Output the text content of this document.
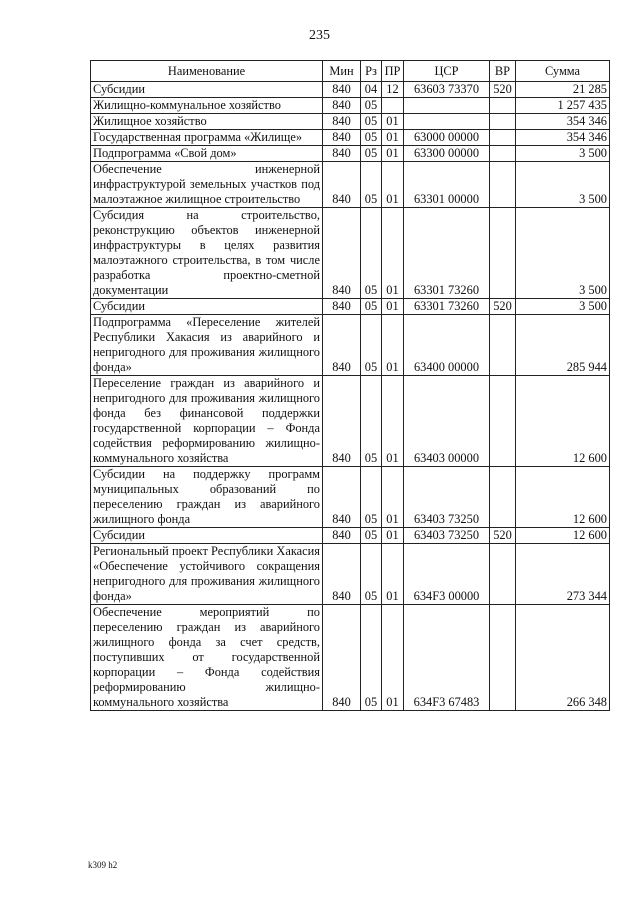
235
Наименование	Мин	Рз	ПР	ЦСР	ВР	Сумма
Субсидии	840	04	12	63603 73370	520	21 285
Жилищно-коммунальное хозяйство	840	05				1 257 435
Жилищное хозяйство	840	05	01			354 346
Государственная программа «Жилище»	840	05	01	63000 00000		354 346
Подпрограмма «Свой дом»	840	05	01	63300 00000		3 500
Обеспечение инженерной инфраструктурой земельных участков под малоэтажное жилищное строительство	840	05	01	63301 00000		3 500
Субсидия на строительство, реконструкцию объектов инженерной инфраструктуры в целях развития малоэтажного строительства, в том числе разработка проектно-сметной документации	840	05	01	63301 73260		3 500
Субсидии	840	05	01	63301 73260	520	3 500
Подпрограмма «Переселение жителей Республики Хакасия из аварийного и непригодного для проживания жилищного фонда»	840	05	01	63400 00000		285 944
Переселение граждан из аварийного и непригодного для проживания жилищного фонда без финансовой поддержки государственной корпорации – Фонда содействия реформированию жилищно-коммунального хозяйства	840	05	01	63403 00000		12 600
Субсидии на поддержку программ муниципальных образований по переселению граждан из аварийного жилищного фонда	840	05	01	63403 73250		12 600
Субсидии	840	05	01	63403 73250	520	12 600
Региональный проект Республики Хакасия «Обеспечение устойчивого сокращения непригодного для проживания жилищного фонда»	840	05	01	634F3 00000		273 344
Обеспечение мероприятий по переселению граждан из аварийного жилищного фонда за счет средств, поступивших от государственной корпорации – Фонда содействия реформированию жилищно-коммунального хозяйства	840	05	01	634F3 67483		266 348
k309 h2
